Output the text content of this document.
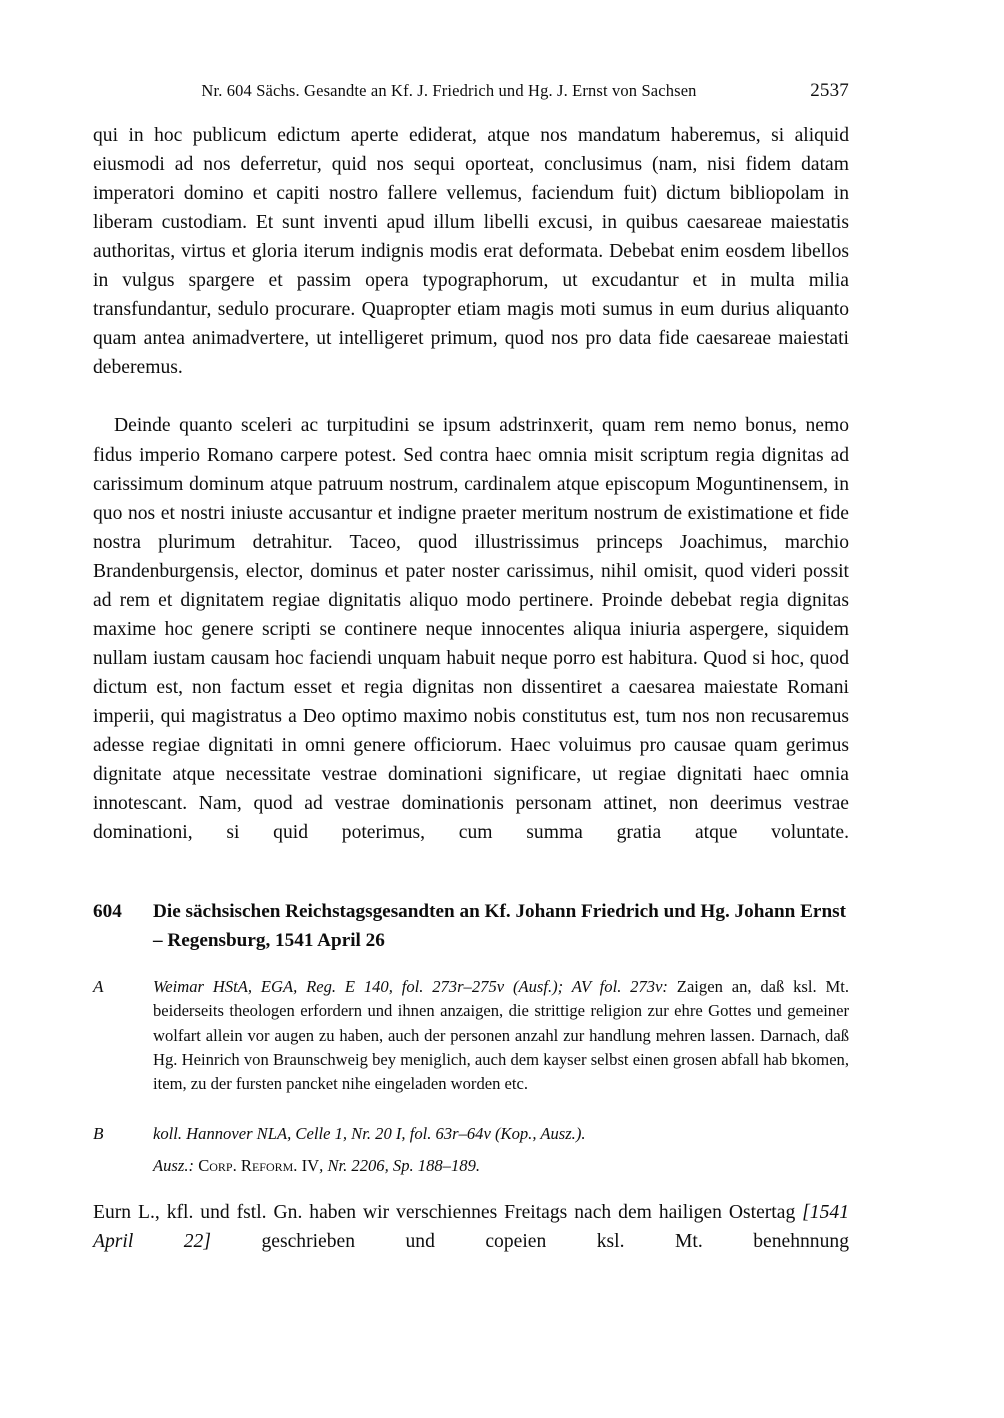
Nr. 604 Sächs. Gesandte an Kf. J. Friedrich und Hg. J. Ernst von Sachsen	2537

qui in hoc publicum edictum aperte ediderat, atque nos mandatum haberemus, si aliquid eiusmodi ad nos deferretur, quid nos sequi oporteat, conclusimus (nam, nisi fidem datam imperatori domino et capiti nostro fallere vellemus, faciendum fuit) dictum bibliopolam in liberam custodiam. Et sunt inventi apud illum libelli excusi, in quibus caesareae maiestatis authoritas, virtus et gloria iterum indignis modis erat deformata. Debebat enim eosdem libellos in vulgus spargere et passim opera typographorum, ut excudantur et in multa milia transfundantur, sedulo procurare. Quapropter etiam magis moti sumus in eum durius aliquanto quam antea animadvertere, ut intelligeret primum, quod nos pro data fide caesareae maiestati deberemus.

Deinde quanto sceleri ac turpitudini se ipsum adstrinxerit, quam rem nemo bonus, nemo fidus imperio Romano carpere potest. Sed contra haec omnia misit scriptum regia dignitas ad carissimum dominum atque patruum nostrum, cardinalem atque episcopum Moguntinensem, in quo nos et nostri iniuste accusantur et indigne praeter meritum nostrum de existimatione et fide nostra plurimum detrahitur. Taceo, quod illustrissimus princeps Joachimus, marchio Brandenburgensis, elector, dominus et pater noster carissimus, nihil omisit, quod videri possit ad rem et dignitatem regiae dignitatis aliquo modo pertinere. Proinde debebat regia dignitas maxime hoc genere scripti se continere neque innocentes aliqua iniuria aspergere, siquidem nullam iustam causam hoc faciendi unquam habuit neque porro est habitura. Quod si hoc, quod dictum est, non factum esset et regia dignitas non dissentiret a caesarea maiestate Romani imperii, qui magistratus a Deo optimo maximo nobis constitutus est, tum nos non recusaremus adesse regiae dignitati in omni genere officiorum. Haec voluimus pro causae quam gerimus dignitate atque necessitate vestrae dominationi significare, ut regiae dignitati haec omnia innotescant. Nam, quod ad vestrae dominationis personam attinet, non deerimus vestrae dominationi, si quid poterimus, cum summa gratia atque voluntate.

604	Die sächsischen Reichstagsgesandten an Kf. Johann Friedrich und Hg. Johann Ernst – Regensburg, 1541 April 26
A	Weimar HStA, EGA, Reg. E 140, fol. 273r–275v (Ausf.); AV fol. 273v: Zaigen an, daß ksl. Mt. beiderseits theologen erfordern und ihnen anzaigen, die strittige religion zur ehre Gottes und gemeiner wolfart allein vor augen zu haben, auch der personen anzahl zur handlung mehren lassen. Darnach, daß Hg. Heinrich von Braunschweig bey meniglich, auch dem kayser selbst einen grosen abfall hab bkomen, item, zu der fursten pancket nihe eingeladen worden etc.
B	koll. Hannover NLA, Celle 1, Nr. 20 I, fol. 63r–64v (Kop., Ausz.).
Ausz.: Corp. Reform. IV, Nr. 2206, Sp. 188–189.

Eurn L., kfl. und fstl. Gn. haben wir verschiennes Freitags nach dem hailigen Ostertag [1541 April 22] geschrieben und copeien ksl. Mt. benehnnung
